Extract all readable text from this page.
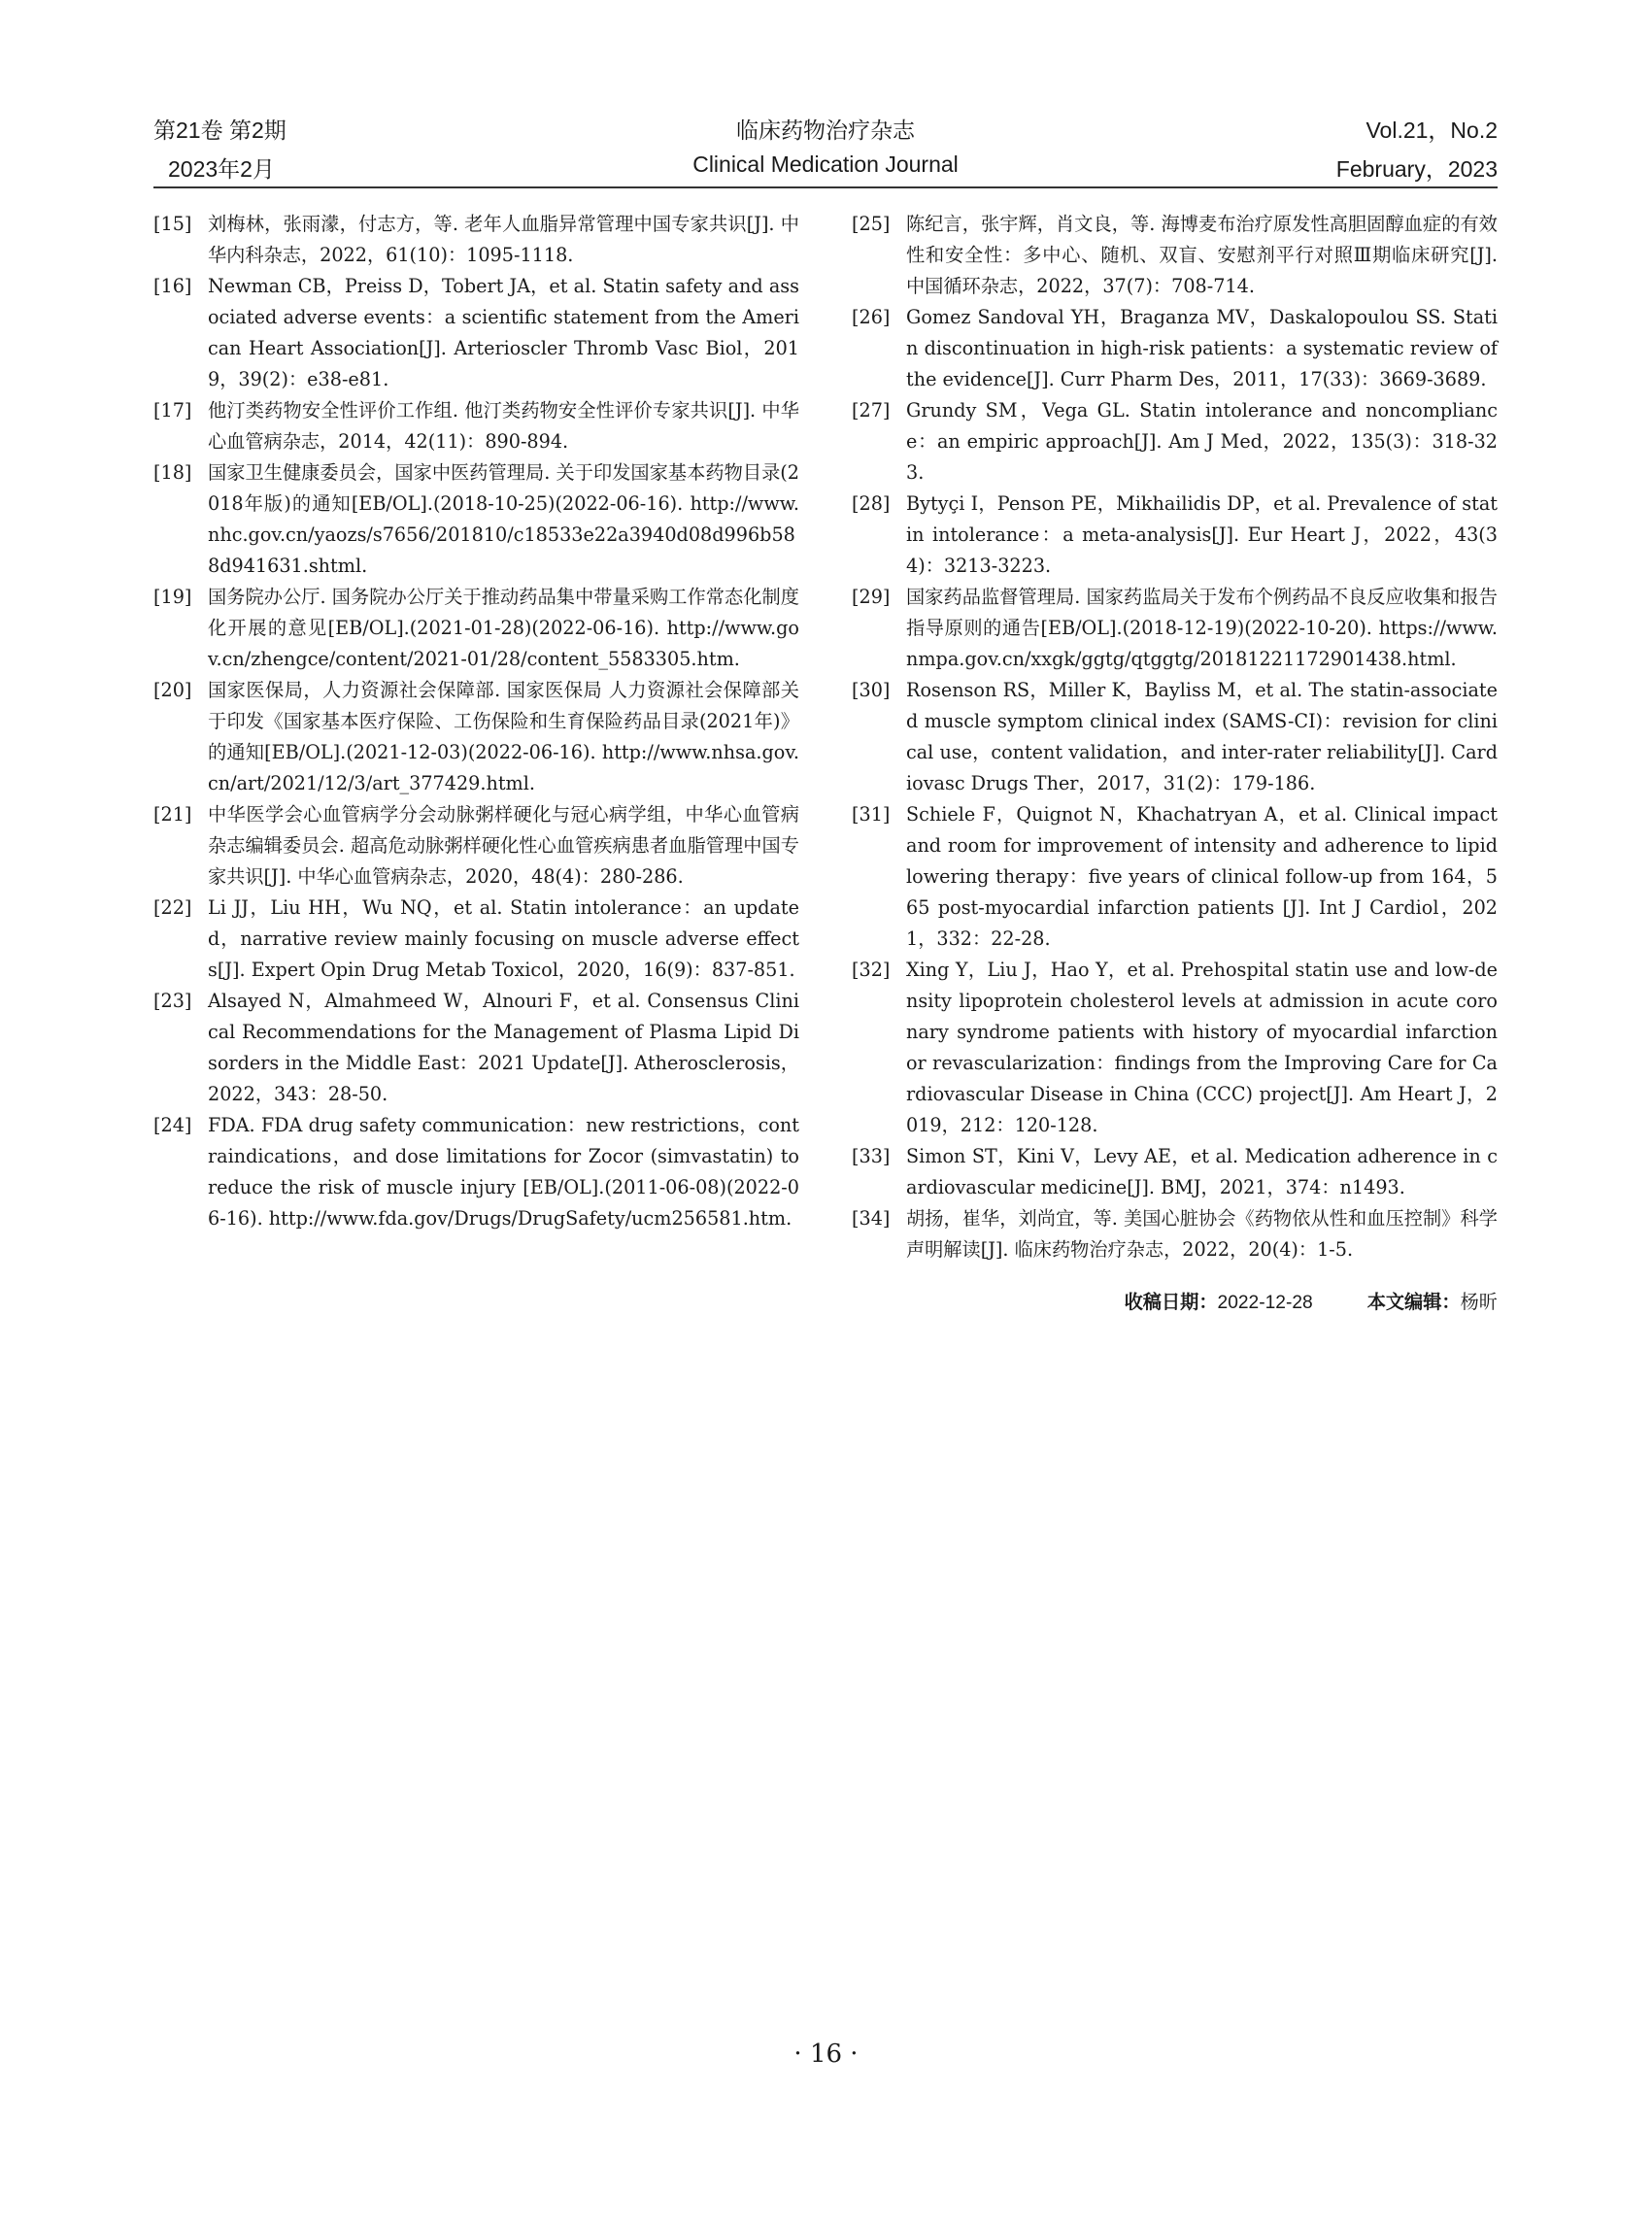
第21卷 第2期
2023年2月
临床药物治疗杂志
Clinical Medication Journal
Vol.21，No.2
February，2023
[15] 刘梅林，张雨濛，付志方，等. 老年人血脂异常管理中国专家共识[J]. 中华内科杂志，2022，61(10)：1095-1118.
[16] Newman CB，Preiss D，Tobert JA，et al. Statin safety and associated adverse events：a scientific statement from the American Heart Association[J]. Arterioscler Thromb Vasc Biol，2019，39(2)：e38-e81.
[17] 他汀类药物安全性评价工作组. 他汀类药物安全性评价专家共识[J]. 中华心血管病杂志，2014，42(11)：890-894.
[18] 国家卫生健康委员会，国家中医药管理局. 关于印发国家基本药物目录(2018年版)的通知[EB/OL].(2018-10-25)(2022-06-16). http://www.nhc.gov.cn/yaozs/s7656/201810/c18533e22a3940d08d996b588d941631.shtml.
[19] 国务院办公厅. 国务院办公厅关于推动药品集中带量采购工作常态化制度化开展的意见[EB/OL].(2021-01-28)(2022-06-16). http://www.gov.cn/zhengce/content/2021-01/28/content_5583305.htm.
[20] 国家医保局，人力资源社会保障部. 国家医保局 人力资源社会保障部关于印发《国家基本医疗保险、工伤保险和生育保险药品目录(2021年)》的通知[EB/OL].(2021-12-03)(2022-06-16). http://www.nhsa.gov.cn/art/2021/12/3/art_377429.html.
[21] 中华医学会心血管病学分会动脉粥样硬化与冠心病学组，中华心血管病杂志编辑委员会. 超高危动脉粥样硬化性心血管疾病患者血脂管理中国专家共识[J]. 中华心血管病杂志，2020，48(4)：280-286.
[22] Li JJ，Liu HH，Wu NQ，et al. Statin intolerance：an updated，narrative review mainly focusing on muscle adverse effects[J]. Expert Opin Drug Metab Toxicol，2020，16(9)：837-851.
[23] Alsayed N，Almahmeed W，Alnouri F，et al. Consensus Clinical Recommendations for the Management of Plasma Lipid Disorders in the Middle East：2021 Update[J]. Atherosclerosis，2022，343：28-50.
[24] FDA. FDA drug safety communication：new restrictions，contraindications，and dose limitations for Zocor (simvastatin) to reduce the risk of muscle injury [EB/OL].(2011-06-08)(2022-06-16). http://www.fda.gov/Drugs/DrugSafety/ucm256581.htm.
[25] 陈纪言，张宇辉，肖文良，等. 海博麦布治疗原发性高胆固醇血症的有效性和安全性：多中心、随机、双盲、安慰剂平行对照Ⅲ期临床研究[J]. 中国循环杂志，2022，37(7)：708-714.
[26] Gomez Sandoval YH，Braganza MV，Daskalopoulou SS. Statin discontinuation in high-risk patients：a systematic review of the evidence[J]. Curr Pharm Des，2011，17(33)：3669-3689.
[27] Grundy SM，Vega GL. Statin intolerance and noncompliance：an empiric approach[J]. Am J Med，2022，135(3)：318-323.
[28] Bytyçi I，Penson PE，Mikhailidis DP，et al. Prevalence of statin intolerance：a meta-analysis[J]. Eur Heart J，2022，43(34)：3213-3223.
[29] 国家药品监督管理局. 国家药监局关于发布个例药品不良反应收集和报告指导原则的通告[EB/OL].(2018-12-19)(2022-10-20). https://www.nmpa.gov.cn/xxgk/ggtg/qtggtg/20181221172901438.html.
[30] Rosenson RS，Miller K，Bayliss M，et al. The statin-associated muscle symptom clinical index (SAMS-CI)：revision for clinical use，content validation，and inter-rater reliability[J]. Cardiovasc Drugs Ther，2017，31(2)：179-186.
[31] Schiele F，Quignot N，Khachatryan A，et al. Clinical impact and room for improvement of intensity and adherence to lipid lowering therapy：five years of clinical follow-up from 164，565 post-myocardial infarction patients [J]. Int J Cardiol，2021，332：22-28.
[32] Xing Y，Liu J，Hao Y，et al. Prehospital statin use and low-density lipoprotein cholesterol levels at admission in acute coronary syndrome patients with history of myocardial infarction or revascularization：findings from the Improving Care for Cardiovascular Disease in China (CCC) project[J]. Am Heart J，2019，212：120-128.
[33] Simon ST，Kini V，Levy AE，et al. Medication adherence in cardiovascular medicine[J]. BMJ，2021，374：n1493.
[34] 胡扬，崔华，刘尚宜，等. 美国心脏协会《药物依从性和血压控制》科学声明解读[J]. 临床药物治疗杂志，2022，20(4)：1-5.
收稿日期：2022-12-28	本文编辑：杨昕
· 16 ·
